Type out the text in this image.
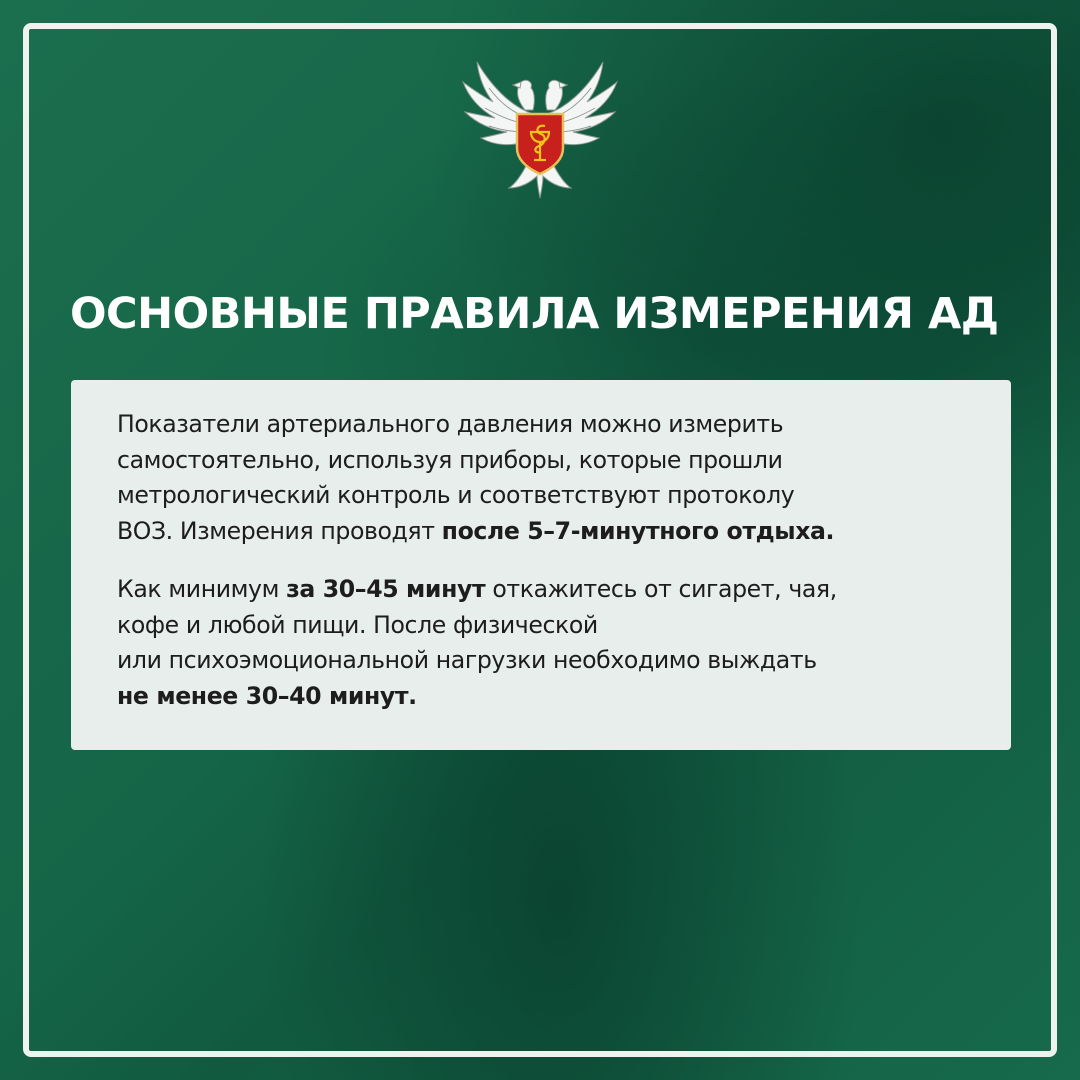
ОСНОВНЫЕ ПРАВИЛА ИЗМЕРЕНИЯ АД

Показатели артериального давления можно измерить
самостоятельно, используя приборы, которые прошли
метрологический контроль и соответствуют протоколу
ВОЗ. Измерения проводят после 5–7-минутного отдыха.

Как минимум за 30–45 минут откажитесь от сигарет, чая,
кофе и любой пищи. После физической
или психоэмоциональной нагрузки необходимо выждать
не менее 30–40 минут.
